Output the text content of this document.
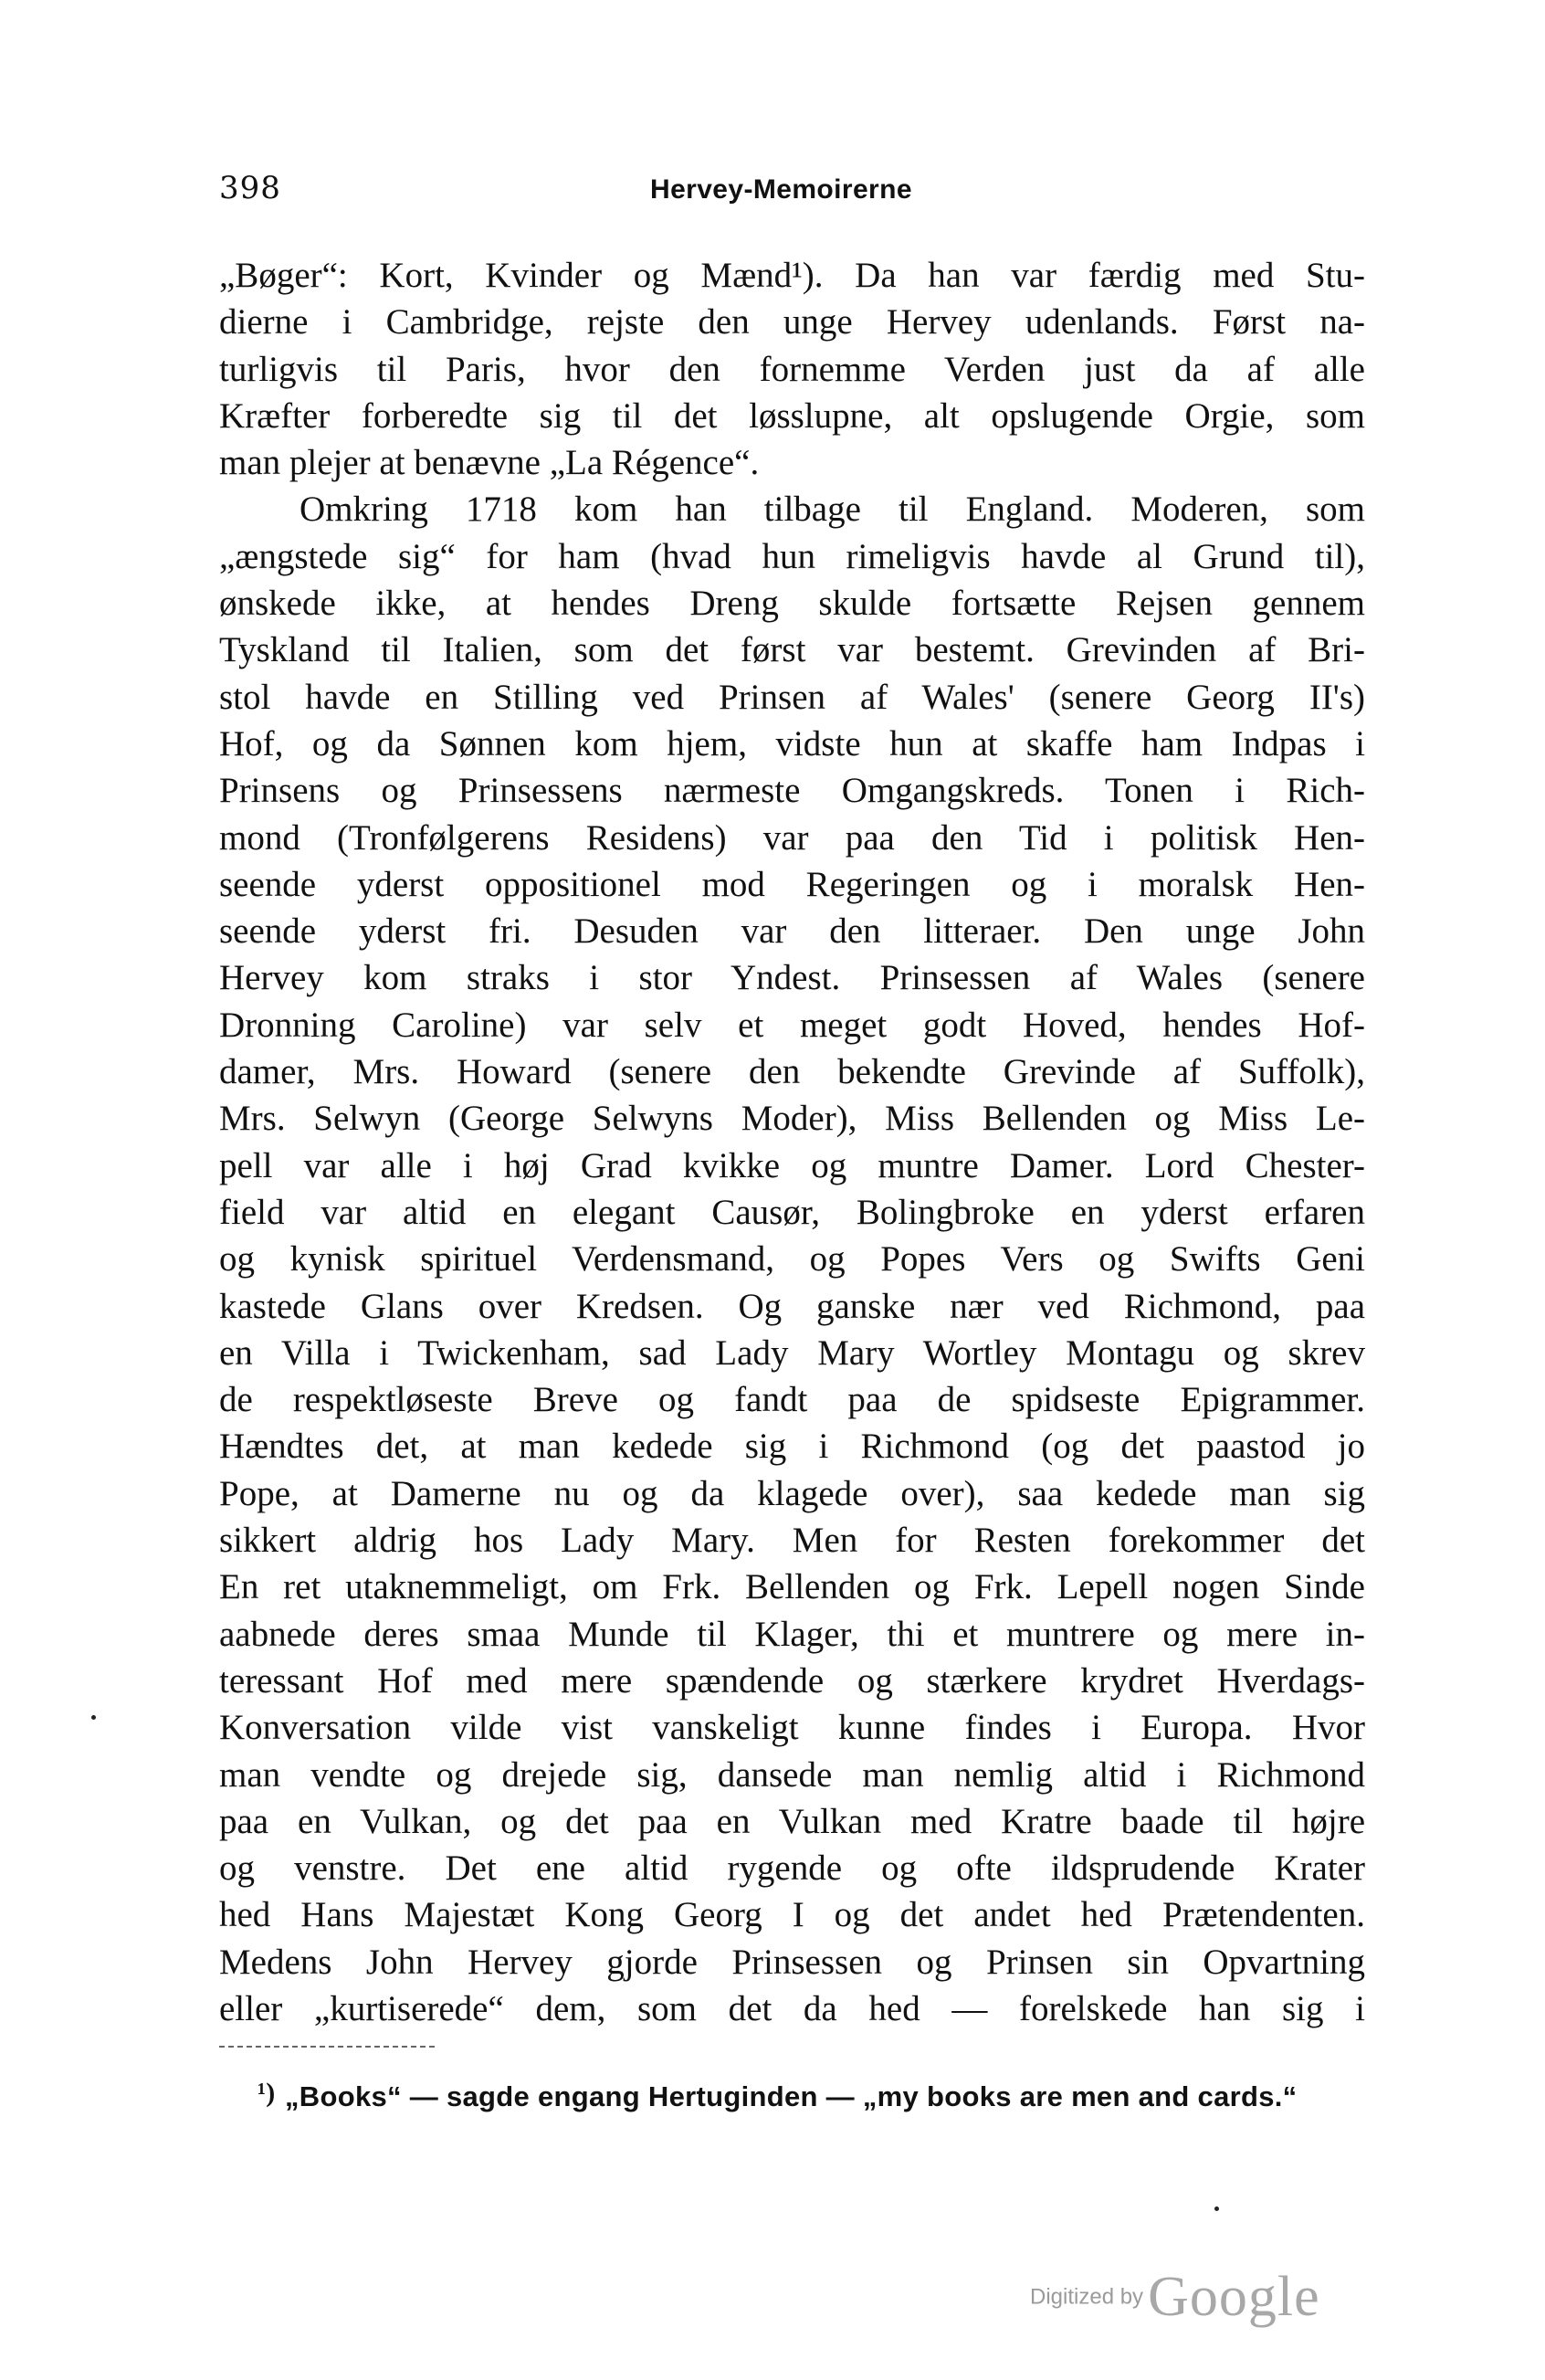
398	Hervey-Memoirerne
„Bøger“: Kort, Kvinder og Mænd¹). Da han var færdig med Stu-
dierne i Cambridge, rejste den unge Hervey udenlands. Først na-
turligvis til Paris, hvor den fornemme Verden just da af alle
Kræfter forberedte sig til det løsslupne, alt opslugende Orgie, som
man plejer at benævne „La Régence“.
Omkring 1718 kom han tilbage til England. Moderen, som
„ængstede sig“ for ham (hvad hun rimeligvis havde al Grund til),
ønskede ikke, at hendes Dreng skulde fortsætte Rejsen gennem
Tyskland til Italien, som det først var bestemt. Grevinden af Bri-
stol havde en Stilling ved Prinsen af Wales' (senere Georg II's)
Hof, og da Sønnen kom hjem, vidste hun at skaffe ham Indpas i
Prinsens og Prinsessens nærmeste Omgangskreds. Tonen i Rich-
mond (Tronfølgerens Residens) var paa den Tid i politisk Hen-
seende yderst oppositionel mod Regeringen og i moralsk Hen-
seende yderst fri. Desuden var den litteraer. Den unge John
Hervey kom straks i stor Yndest. Prinsessen af Wales (senere
Dronning Caroline) var selv et meget godt Hoved, hendes Hof-
damer, Mrs. Howard (senere den bekendte Grevinde af Suffolk),
Mrs. Selwyn (George Selwyns Moder), Miss Bellenden og Miss Le-
pell var alle i høj Grad kvikke og muntre Damer. Lord Chester-
field var altid en elegant Causør, Bolingbroke en yderst erfaren
og kynisk spirituel Verdensmand, og Popes Vers og Swifts Geni
kastede Glans over Kredsen. Og ganske nær ved Richmond, paa
en Villa i Twickenham, sad Lady Mary Wortley Montagu og skrev
de respektløseste Breve og fandt paa de spidseste Epigrammer.
Hændtes det, at man kedede sig i Richmond (og det paastod jo
Pope, at Damerne nu og da klagede over), saa kedede man sig
sikkert aldrig hos Lady Mary. Men for Resten forekommer det
En ret utaknemmeligt, om Frk. Bellenden og Frk. Lepell nogen Sinde
aabnede deres smaa Munde til Klager, thi et muntrere og mere in-
teressant Hof med mere spændende og stærkere krydret Hverdags-
Konversation vilde vist vanskeligt kunne findes i Europa. Hvor
man vendte og drejede sig, dansede man nemlig altid i Richmond
paa en Vulkan, og det paa en Vulkan med Kratre baade til højre
og venstre. Det ene altid rygende og ofte ildsprudende Krater
hed Hans Majestæt Kong Georg I og det andet hed Prætendenten.
Medens John Hervey gjorde Prinsessen og Prinsen sin Opvartning
eller „kurtiserede“ dem, som det da hed — forelskede han sig i
¹) „Books“ — sagde engang Hertuginden — „my books are men and cards.“
Digitized by Google
